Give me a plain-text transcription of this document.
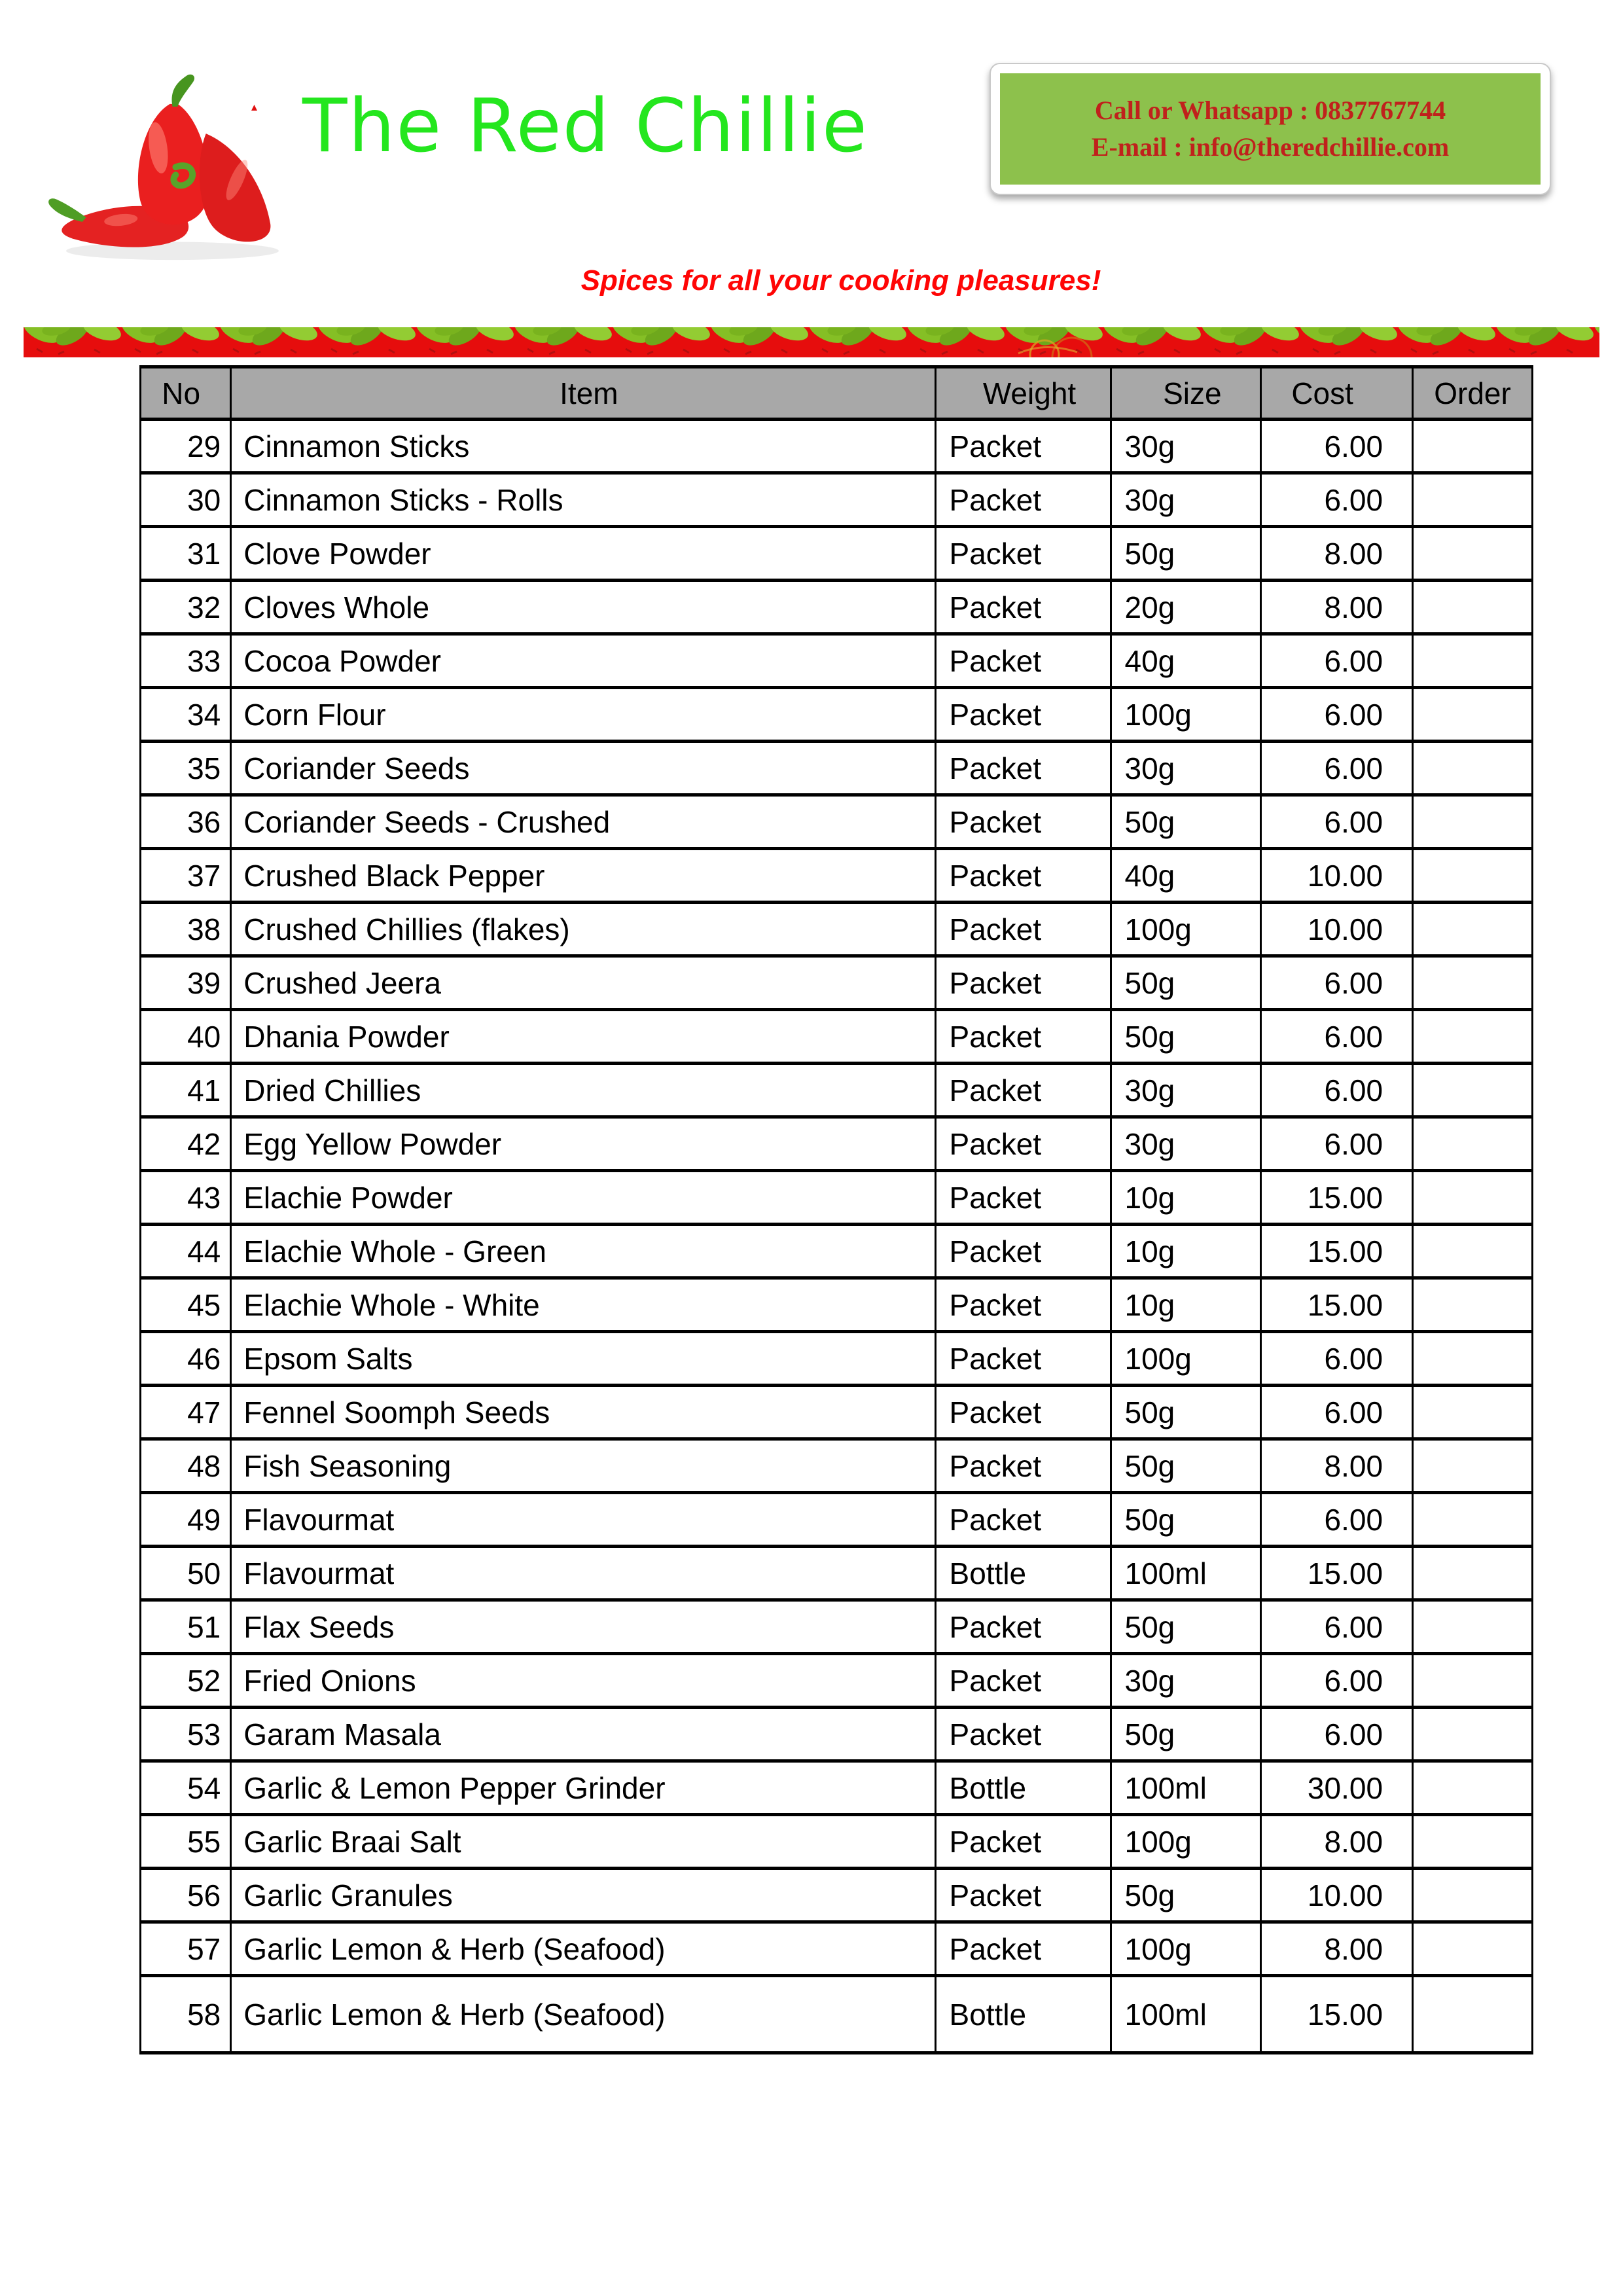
The Red Chillie	Call or Whatsapp : 0837767744
E-mail : info@theredchillie.com
Spices for all your cooking pleasures!
No	Item	Weight	Size	Cost	Order
29	Cinnamon Sticks	Packet	30g	6.00	
30	Cinnamon Sticks - Rolls	Packet	30g	6.00	
31	Clove Powder	Packet	50g	8.00	
32	Cloves Whole	Packet	20g	8.00	
33	Cocoa Powder	Packet	40g	6.00	
34	Corn Flour	Packet	100g	6.00	
35	Coriander Seeds	Packet	30g	6.00	
36	Coriander Seeds - Crushed	Packet	50g	6.00	
37	Crushed Black Pepper	Packet	40g	10.00	
38	Crushed Chillies (flakes)	Packet	100g	10.00	
39	Crushed Jeera	Packet	50g	6.00	
40	Dhania Powder	Packet	50g	6.00	
41	Dried Chillies	Packet	30g	6.00	
42	Egg Yellow Powder	Packet	30g	6.00	
43	Elachie Powder	Packet	10g	15.00	
44	Elachie Whole - Green	Packet	10g	15.00	
45	Elachie Whole - White	Packet	10g	15.00	
46	Epsom Salts	Packet	100g	6.00	
47	Fennel Soomph Seeds	Packet	50g	6.00	
48	Fish Seasoning	Packet	50g	8.00	
49	Flavourmat	Packet	50g	6.00	
50	Flavourmat	Bottle	100ml	15.00	
51	Flax Seeds	Packet	50g	6.00	
52	Fried Onions	Packet	30g	6.00	
53	Garam Masala	Packet	50g	6.00	
54	Garlic & Lemon Pepper Grinder	Bottle	100ml	30.00	
55	Garlic Braai Salt	Packet	100g	8.00	
56	Garlic Granules	Packet	50g	10.00	
57	Garlic Lemon & Herb (Seafood)	Packet	100g	8.00	
58	Garlic Lemon & Herb (Seafood)	Bottle	100ml	15.00	
